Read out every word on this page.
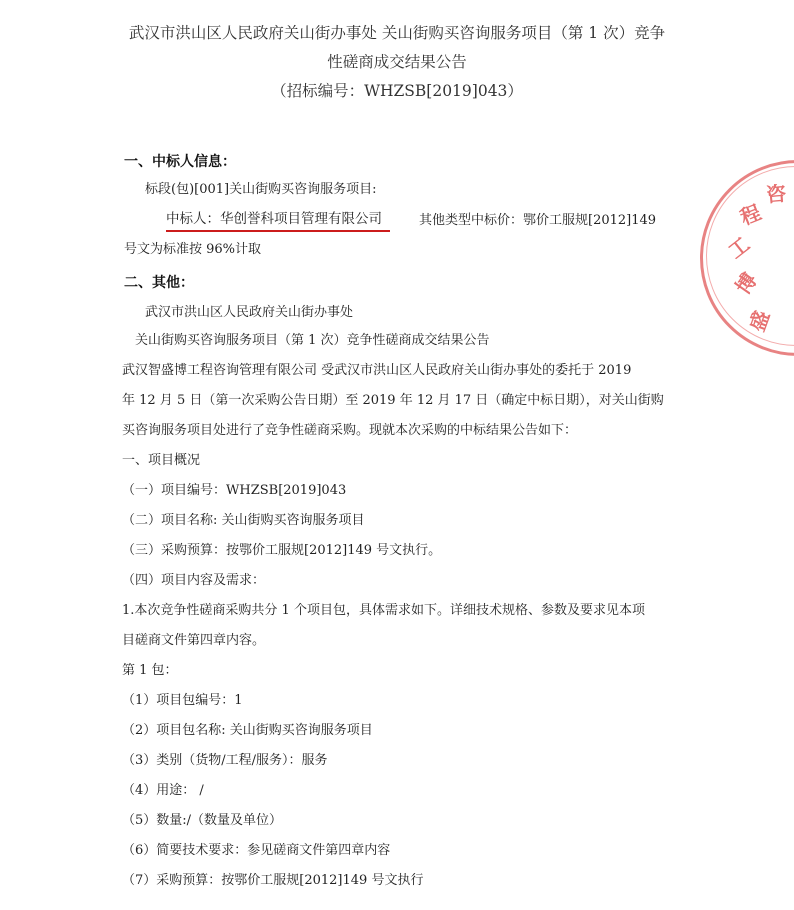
武汉市洪山区人民政府关山街办事处 关山街购买咨询服务项目（第 1 次）竞争
性磋商成交结果公告
（招标编号：WHZSB[2019]043）
一、中标人信息：
标段(包)[001]关山街购买咨询服务项目:
中标人：华创誉科项目管理有限公司	其他类型中标价：鄂价工服规[2012]149
号文为标准按 96%计取
二、其他：
武汉市洪山区人民政府关山街办事处
关山街购买咨询服务项目（第 1 次）竞争性磋商成交结果公告
武汉智盛博工程咨询管理有限公司 受武汉市洪山区人民政府关山街办事处的委托于 2019
年 12 月 5 日（第一次采购公告日期）至 2019 年 12 月 17 日（确定中标日期），对关山街购
买咨询服务项目处进行了竞争性磋商采购。现就本次采购的中标结果公告如下：
一、项目概况
（一）项目编号：WHZSB[2019]043
（二）项目名称: 关山街购买咨询服务项目
（三）采购预算：按鄂价工服规[2012]149 号文执行。
（四）项目内容及需求：
1.本次竞争性磋商采购共分 1 个项目包，具体需求如下。详细技术规格、参数及要求见本项
目磋商文件第四章内容。
第 1 包：
（1）项目包编号：1
（2）项目包名称: 关山街购买咨询服务项目
（3）类别（货物/工程/服务）：服务
（4）用途： /
（5）数量:/（数量及单位）
（6）简要技术要求：参见磋商文件第四章内容
（7）采购预算：按鄂价工服规[2012]149 号文执行
盛
博
工
程
咨
